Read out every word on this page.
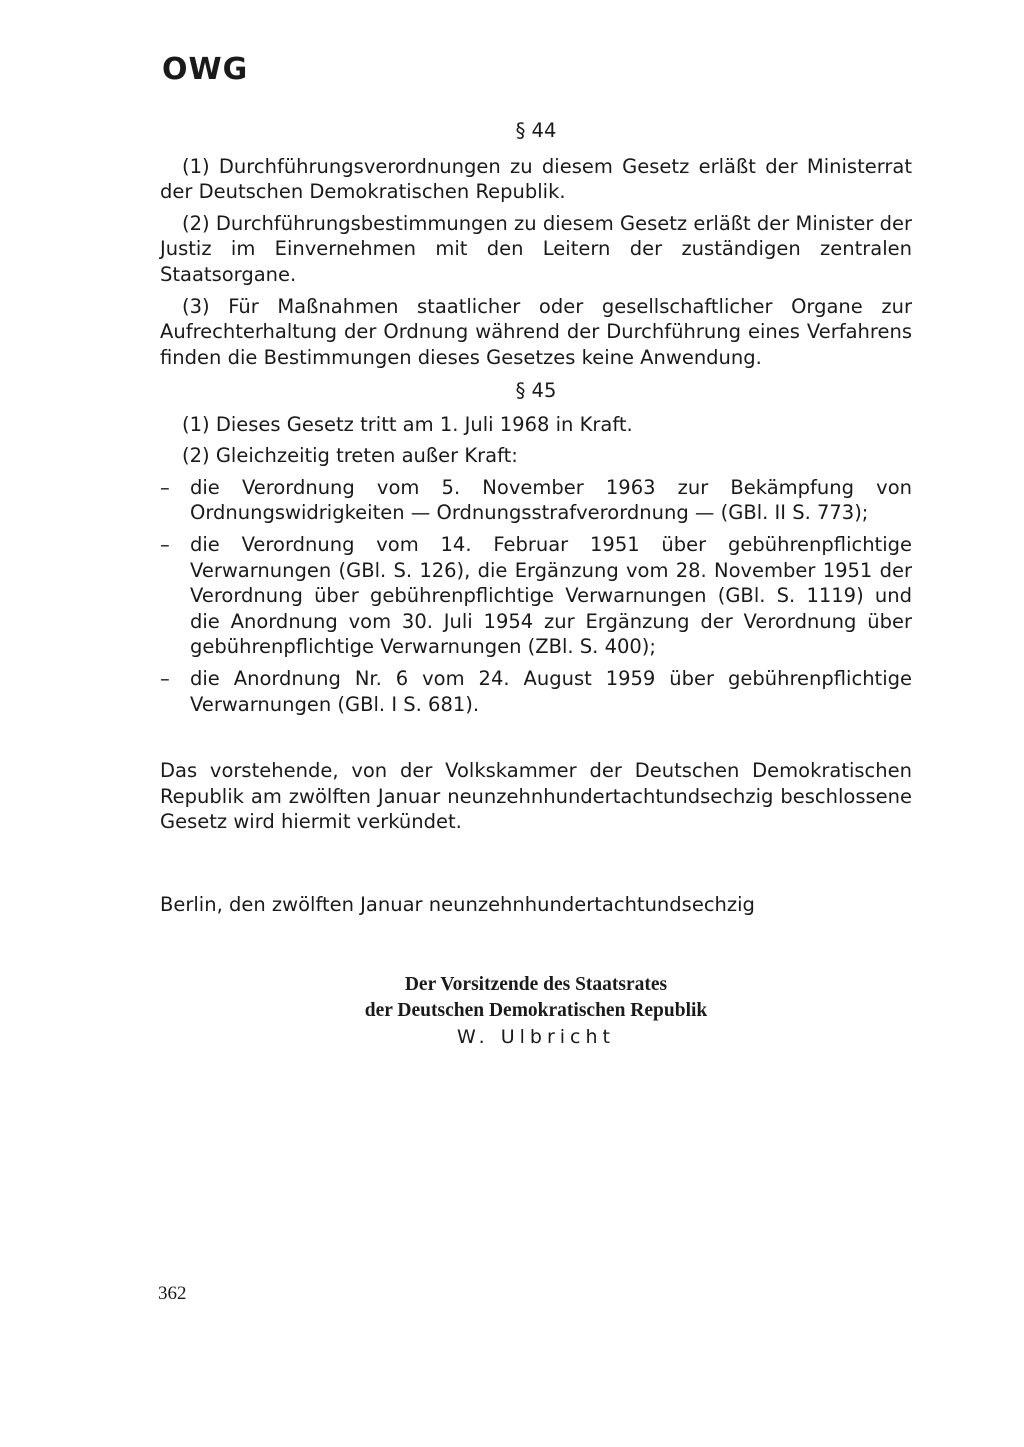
OWG

§ 44

(1) Durchführungsverordnungen zu diesem Gesetz erläßt der Ministerrat der Deutschen Demokratischen Republik.

(2) Durchführungsbestimmungen zu diesem Gesetz erläßt der Minister der Justiz im Einvernehmen mit den Leitern der zuständigen zentralen Staatsorgane.

(3) Für Maßnahmen staatlicher oder gesellschaftlicher Organe zur Aufrechterhaltung der Ordnung während der Durchführung eines Verfahrens finden die Bestimmungen dieses Gesetzes keine Anwendung.

§ 45

(1) Dieses Gesetz tritt am 1. Juli 1968 in Kraft.

(2) Gleichzeitig treten außer Kraft:

– die Verordnung vom 5. November 1963 zur Bekämpfung von Ordnungswidrigkeiten — Ordnungsstrafverordnung — (GBl. II S. 773);
– die Verordnung vom 14. Februar 1951 über gebührenpflichtige Verwarnungen (GBl. S. 126), die Ergänzung vom 28. November 1951 der Verordnung über gebührenpflichtige Verwarnungen (GBl. S. 1119) und die Anordnung vom 30. Juli 1954 zur Ergänzung der Verordnung über gebührenpflichtige Verwarnungen (ZBl. S. 400);
– die Anordnung Nr. 6 vom 24. August 1959 über gebührenpflichtige Verwarnungen (GBl. I S. 681).
Das vorstehende, von der Volkskammer der Deutschen Demokratischen Republik am zwölften Januar neunzehnhundertachtundsechzig beschlossene Gesetz wird hiermit verkündet.
Berlin, den zwölften Januar neunzehnhundertachtundsechzig
Der Vorsitzende des Staatsrates
der Deutschen Demokratischen Republik
W. Ulbricht
362
